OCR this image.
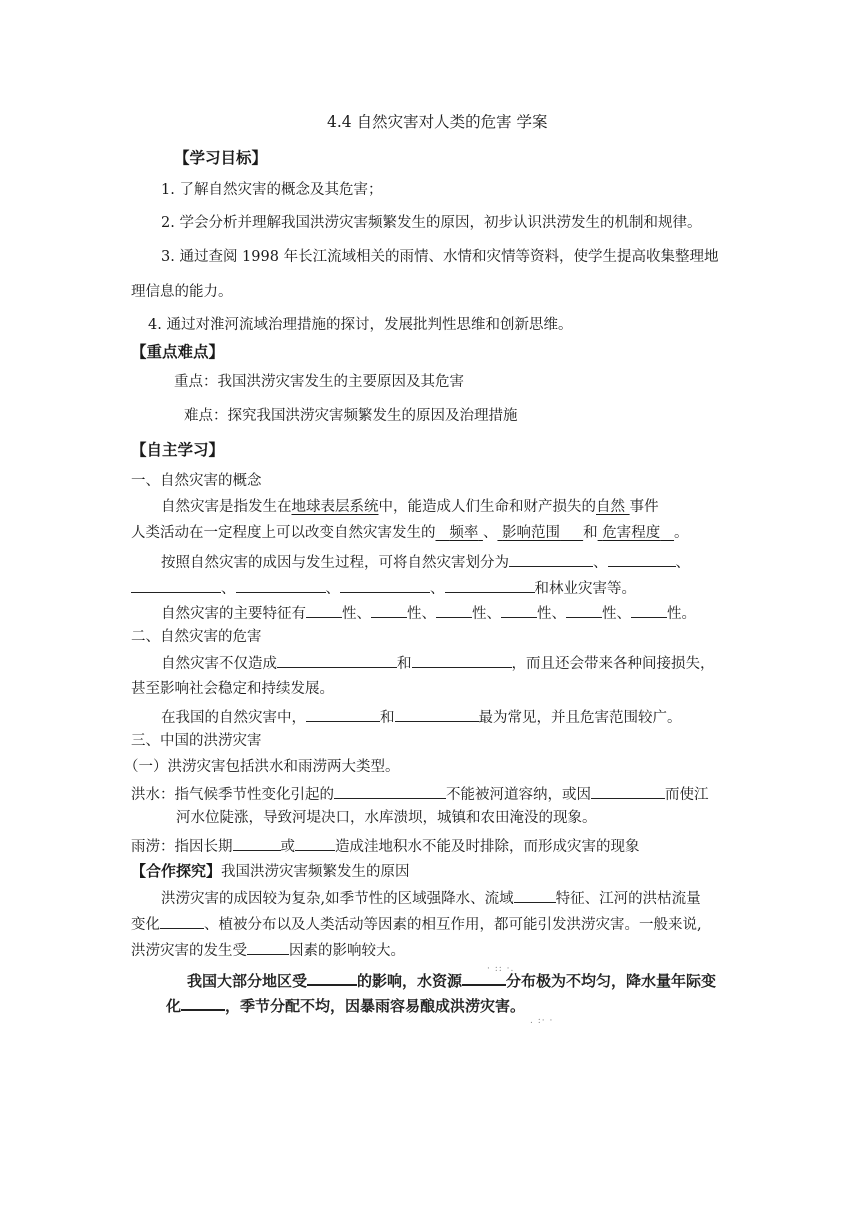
4.4 自然灾害对人类的危害 学案
【学习目标】
1. 了解自然灾害的概念及其危害；
2. 学会分析并理解我国洪涝灾害频繁发生的原因，初步认识洪涝发生的机制和规律。
3. 通过查阅 1998 年长江流域相关的雨情、水情和灾情等资料，使学生提高收集整理地
理信息的能力。
4. 通过对淮河流域治理措施的探讨，发展批判性思维和创新思维。
【重点难点】
重点：我国洪涝灾害发生的主要原因及其危害
难点：探究我国洪涝灾害频繁发生的原因及治理措施
【自主学习】
一、自然灾害的概念
自然灾害是指发生在地球表层系统中，能造成人们生命和财产损失的自然 事件
人类活动在一定程度上可以改变自然灾害发生的 频率 、 影响范围 和 危害程度 。
按照自然灾害的成因与发生过程，可将自然灾害划分为	、	、
、	、	、	和林业灾害等。
自然灾害的主要特征有 性、 性、 性、 性、 性、 性。
二、自然灾害的危害
自然灾害不仅造成	和	，而且还会带来各种间接损失，
甚至影响社会稳定和持续发展。
在我国的自然灾害中，	和	最为常见，并且危害范围较广。
三、中国的洪涝灾害
（一）洪涝灾害包括洪水和雨涝两大类型。
洪水：指气候季节性变化引起的	不能被河道容纳，或因	而使江
河水位陡涨，导致河堤决口，水库溃坝，城镇和农田淹没的现象。
雨涝：指因长期	或	造成洼地积水不能及时排除，而形成灾害的现象
【合作探究】我国洪涝灾害频繁发生的原因
洪涝灾害的成因较为复杂,如季节性的区域强降水、流域	特征、江河的洪枯流量
变化	、植被分布以及人类活动等因素的相互作用，都可能引发洪涝灾害。一般来说,
洪涝灾害的发生受	因素的影响较大。
我国大部分地区受	的影响，水资源	分布极为不均匀，降水量年际变
化	，季节分配不均，因暴雨容易酿成洪涝灾害。
· :: ·.
. :· ·
